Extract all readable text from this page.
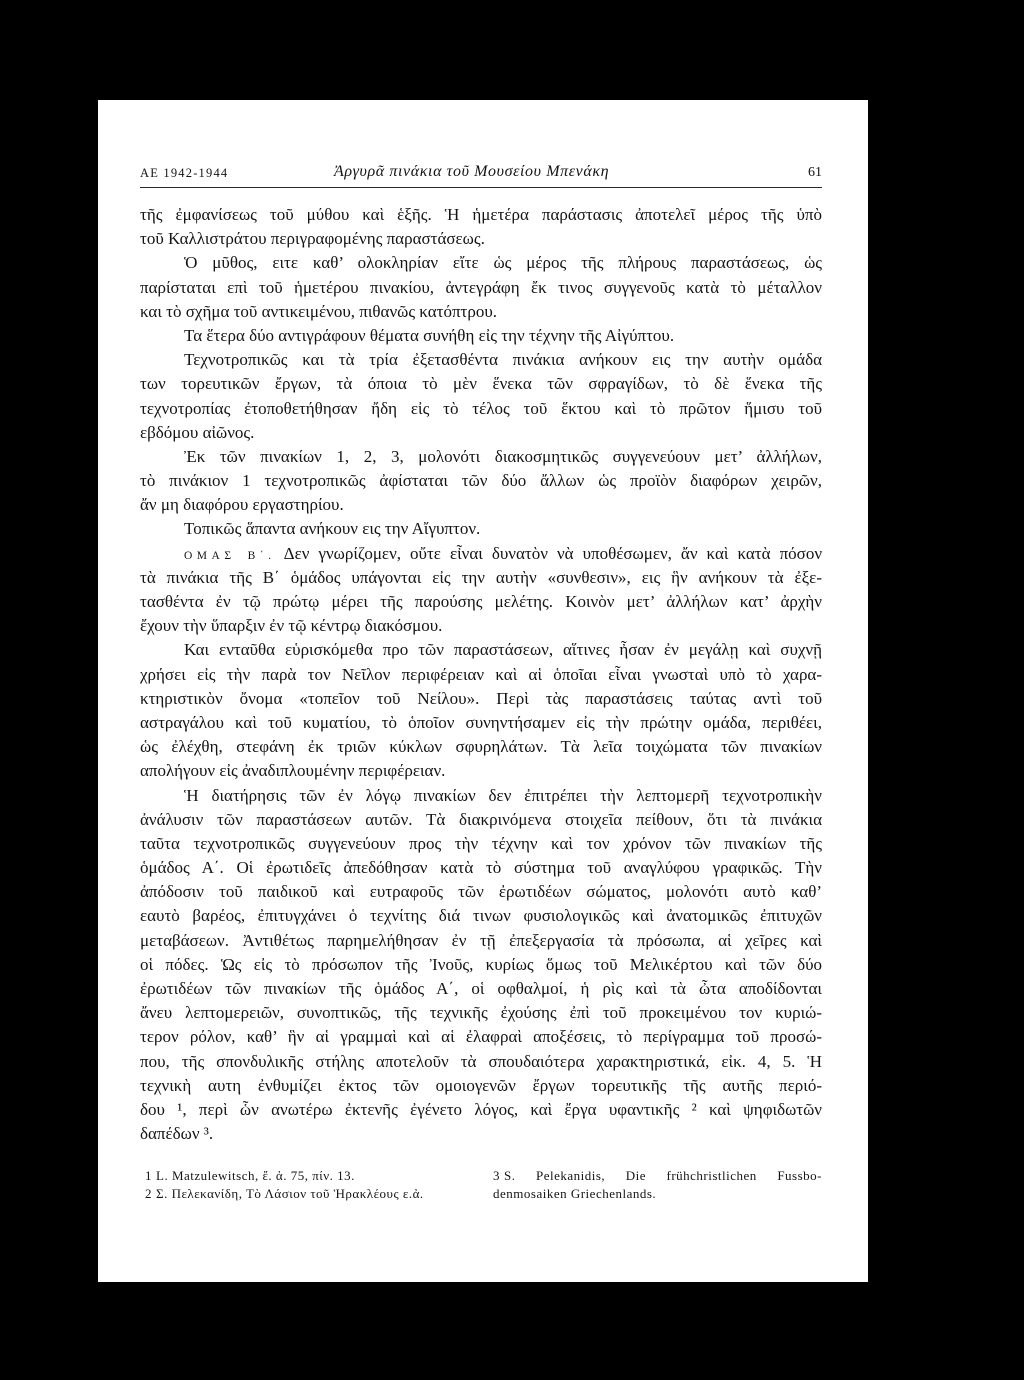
ΑΕ 1942-1944	Ἀργυρᾶ πινάκια τοῦ Μουσείου Μπενάκη	61
τῆς ἐμφανίσεως τοῦ μύθου καὶ ἑξῆς. Ἡ ἡμετέρα παράστασις ἀποτελεῖ μέρος τῆς ὑπὸ
τοῦ Καλλιστράτου περιγραφομένης παραστάσεως.
Ὁ μῦθος, ειτε καθ’ ολοκληρίαν εἴτε ὡς μέρος τῆς πλήρους παραστάσεως, ὡς
παρίσταται επὶ τοῦ ἡμετέρου πινακίου, ἀντεγράφη ἔκ τινος συγγενοῦς κατὰ τὸ μέταλλον
και τὸ σχῆμα τοῦ αντικειμένου, πιθανῶς κατόπτρου.
Τα ἕτερα δύο αντιγράφουν θέματα συνήθη εἰς την τέχνην τῆς Αἰγύπτου.
Τεχνοτροπικῶς και τὰ τρία ἐξετασθέντα πινάκια ανήκουν εις την αυτὴν ομάδα
των τορευτικῶν ἔργων, τὰ όποια τὸ μὲν ἕνεκα τῶν σφραγίδων, τὸ δὲ ἕνεκα τῆς
τεχνοτροπίας ἐτοποθετήθησαν ἤδη εἰς τὸ τέλος τοῦ ἕκτου καὶ τὸ πρῶτον ἥμισυ τοῦ
εβδόμου αἰῶνος.
Ἐκ τῶν πινακίων 1, 2, 3, μολονότι διακοσμητικῶς συγγενεύουν μετ’ ἀλλήλων,
τὸ πινάκιον 1 τεχνοτροπικῶς ἀφίσταται τῶν δύο ἄλλων ὡς προϊὸν διαφόρων χειρῶν,
ἄν μη διαφόρου εργαστηρίου.
Τοπικῶς ἅπαντα ανήκουν εις την Αἴγυπτον.
ΟΜΑΣ Β΄. Δεν γνωρίζομεν, οὔτε εἶναι δυνατὸν νὰ υποθέσωμεν, ἄν καὶ κατὰ πόσον
τὰ πινάκια τῆς Β΄ ὁμάδος υπάγονται εἰς την αυτὴν «συνθεσιν», εις ἣν ανήκουν τὰ ἐξε-
τασθέντα ἐν τῷ πρώτῳ μέρει τῆς παρούσης μελέτης. Κοινὸν μετ’ ἀλλήλων κατ’ ἀρχὴν
ἔχουν τὴν ὕπαρξιν ἐν τῷ κέντρῳ διακόσμου.
Και ενταῦθα εὑρισκόμεθα προ τῶν παραστάσεων, αἵτινες ἦσαν ἐν μεγάλῃ καὶ συχνῇ
χρήσει εἰς τὴν παρὰ τον Νεῖλον περιφέρειαν καὶ αἱ ὁποῖαι εἶναι γνωσταὶ υπὸ τὸ χαρα-
κτηριστικὸν ὄνομα «τοπεῖον τοῦ Νείλου». Περὶ τὰς παραστάσεις ταύτας αντὶ τοῦ
αστραγάλου καὶ τοῦ κυματίου, τὸ ὁποῖον συνηντήσαμεν εἰς τὴν πρώτην ομάδα, περιθέει,
ὡς ἐλέχθη, στεφάνη ἐκ τριῶν κύκλων σφυρηλάτων. Τὰ λεῖα τοιχώματα τῶν πινακίων
απολήγουν εἰς ἀναδιπλουμένην περιφέρειαν.
Ἡ διατήρησις τῶν ἐν λόγῳ πινακίων δεν ἐπιτρέπει τὴν λεπτομερῆ τεχνοτροπικὴν
ἀνάλυσιν τῶν παραστάσεων αυτῶν. Τὰ διακρινόμενα στοιχεῖα πείθουν, ὅτι τὰ πινάκια
ταῦτα τεχνοτροπικῶς συγγενεύουν προς τὴν τέχνην καὶ τον χρόνον τῶν πινακίων τῆς
ὁμάδος Α΄. Οἱ ἐρωτιδεῖς ἀπεδόθησαν κατὰ τὸ σύστημα τοῦ αναγλύφου γραφικῶς. Τὴν
ἀπόδοσιν τοῦ παιδικοῦ καὶ ευτραφοῦς τῶν ἐρωτιδέων σώματος, μολονότι αυτὸ καθ’
εαυτὸ βαρέος, ἐπιτυγχάνει ὁ τεχνίτης διά τινων φυσιολογικῶς καὶ ἀνατομικῶς ἐπιτυχῶν
μεταβάσεων. Ἀντιθέτως παρημελήθησαν ἐν τῇ ἐπεξεργασία τὰ πρόσωπα, αἱ χεῖρες καὶ
οἱ πόδες. Ὡς εἰς τὸ πρόσωπον τῆς Ἰνοῦς, κυρίως ὅμως τοῦ Μελικέρτου καὶ τῶν δύο
ἐρωτιδέων τῶν πινακίων τῆς ὁμάδος Α΄, οἱ οφθαλμοί, ἡ ρὶς καὶ τὰ ὦτα αποδίδονται
ἄνευ λεπτομερειῶν, συνοπτικῶς, τῆς τεχνικῆς ἐχούσης ἐπὶ τοῦ προκειμένου τον κυριώ-
τερον ρόλον, καθ’ ἣν αἱ γραμμαὶ καὶ αἱ ἐλαφραὶ αποξέσεις, τὸ περίγραμμα τοῦ προσώ-
που, τῆς σπονδυλικῆς στήλης αποτελοῦν τὰ σπουδαιότερα χαρακτηριστικά, εἰκ. 4, 5. Ἡ
τεχνικὴ αυτη ἐνθυμίζει ἐκτος τῶν ομοιογενῶν ἔργων τορευτικῆς τῆς αυτῆς περιό-
δου ¹, περὶ ὧν ανωτέρω ἐκτενῆς ἐγένετο λόγος, καὶ ἔργα υφαντικῆς ² καὶ ψηφιδωτῶν
δαπέδων ³.
1 L. Matzulewitsch, ἔ. ἀ. 75, πίν. 13.
2 Σ. Πελεκανίδη, Τὸ Λάσιον τοῦ Ἡρακλέους ε.ἀ.
3 S. Pelekanidis, Die frühchristlichen Fussbo-
denmosaiken Griechenlands.
